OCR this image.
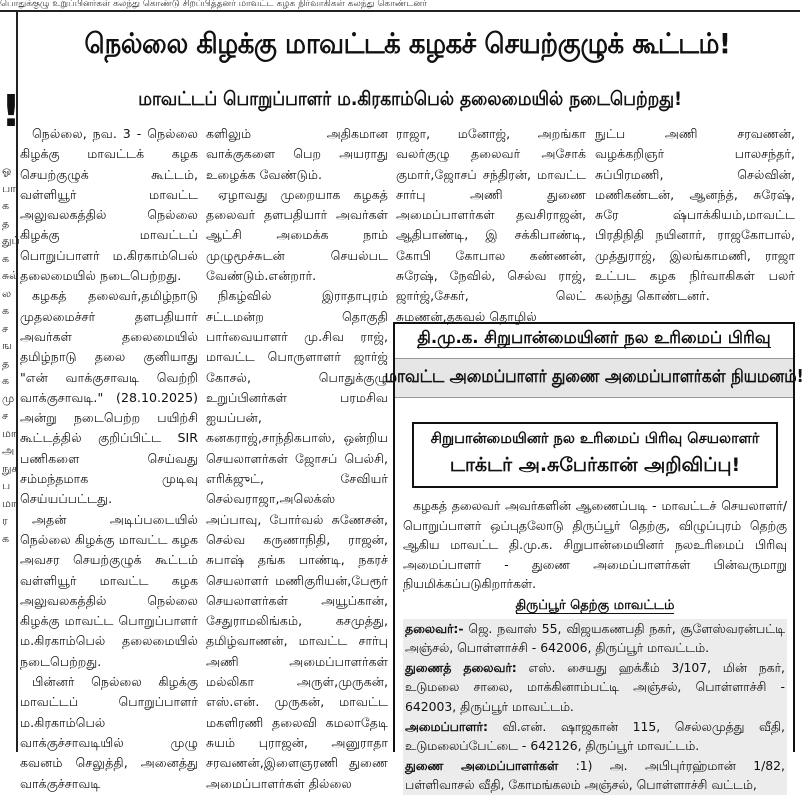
பொதுக்குழு உறுப்பினர்கள் கலந்து கொண்டு சிறப்பித்தனர் மாவட்ட கழக நிர்வாகிகள் கலந்து கொண்டனர்
!
ஓபாகததுப்கசுல்லகசஙதகமுசமாஅநுகபமாரக
நெல்லை கிழக்கு மாவட்டக் கழகச் செயற்குழுக் கூட்டம்!
மாவட்டப் பொறுப்பாளர் ம.கிரகாம்பெல் தலைமையில் நடைபெற்றது!

நெல்லை, நவ. 3 - நெல்லை கிழக்கு மாவட்டக் கழக செயற்குழுக் கூட்டம், வள்ளியூர் மாவட்ட அலுவலகத்தில் நெல்லை கிழக்கு மாவட்டப் பொறுப்பாளர் ம.கிரகாம்பெல் தலைமையில் நடைபெற்றது.

கழகத் தலைவர்,தமிழ்நாடு முதலமைச்சர் தளபதியார் அவர்கள் தலைமையில் தமிழ்நாடு தலை குனியாது "என் வாக்குசாவடி வெற்றி வாக்குசாவடி." (28.10.2025) அன்று நடைபெற்ற பயிற்சி கூட்டத்தில் குறிப்பிட்ட SIR பணிகளை செய்வது சம்மந்தமாக முடிவு செய்யப்பட்டது.

அதன் அடிப்படையில் நெல்லை கிழக்கு மாவட்ட கழக அவசர செயற்குழுக் கூட்டம் வள்ளியூர் மாவட்ட கழக அலுவலகத்தில் நெல்லை கிழக்கு மாவட்ட பொறுப்பாளர் ம.கிரகாம்பெல் தலைமையில் நடைபெற்றது.

பின்னர் நெல்லை கிழக்கு மாவட்டப் பொறுப்பாளர் ம.கிரகாம்பெல் வாக்குச்சாவடியில் முழு கவனம் செலுத்தி, அனைத்து வாக்குச்சாவடி

களிலும் அதிகமான வாக்குகளை பெற அயராது உழைக்க வேண்டும்.

ஏழாவது முறையாக கழகத் தலைவர் தளபதியார் அவர்கள் ஆட்சி அமைக்க நாம் முழுமூச்சுடன் செயல்பட வேண்டும்.என்றார்.

நிகழ்வில் இராதாபுரம் சட்டமன்ற தொகுதி பார்வையாளர் மு.சிவ ராஜ், மாவட்ட பொருளாளர் ஜார்ஜ் கோசல், பொதுக்குழு உறுப்பினர்கள் பரமசிவ ஐயப்பன், கனகராஜ்,சாந்திகபாஸ், ஒன்றிய செயலாளர்கள் ஜோசப் பெல்சி, எரிக்ஜுட், சேவியர் செல்வராஜா,அலெக்ஸ் அப்பாவு, போர்வல் சுணேசன், செல்வ கருணாநிதி, ராஜன், சுபாஷ் தங்க பாண்டி, நகரச் செயலாளர் மணிகுரியன்,பேரூர் செயலாளர்கள் அயூப்கான், சேதுராமலிங்கம், கசமுத்து, தமிழ்வாணன், மாவட்ட சார்பு அணி அமைப்பாளர்கள் மல்லிகா அருள்,முருகன், எஸ்.என். முருகன், மாவட்ட மகளிரணி தலைவி கமலாதேடி சுயம் புராஜன், அனுராதா சரவணன்,இளைஞரணி துணை அமைப்பாளர்கள் தில்லை

ராஜா, மனோஜ், அறங்கா வலர்குழு தலைவர் அசோக் குமார்,ஜோசப் சந்திரன், மாவட்ட சார்பு அணி துணை அமைப்பாளர்கள் தவசிராஜன், ஆதிபாண்டி, இ சக்கிபாண்டி, கோபி கோபால கண்ணன், சுரேஷ், நேவில், செல்வ ராஜ், ஜார்ஜ்,சேகர், லெட் சுமணன்,தகவல் தொழில்

நுட்ப அணி சரவணன், வழக்கறிஞர் பாலசந்தர், சுப்பிரமணி, செல்வின், மணிகண்டன், ஆனந்த், சுரேஷ், சுரே ஷ்பாக்கியம்,மாவட்ட பிரதிநிதி நயினார், ராஜகோபால், முத்துராஜ், இலங்காமணி, ராஜா உட்பட கழக நிர்வாகிகள் பலர் கலந்து கொண்டனர்.

தி.மு.க. சிறுபான்மையினர் நல உரிமைப் பிரிவு
மாவட்ட அமைப்பாளர் துணை அமைப்பாளர்கள் நியமனம்!
சிறுபான்மையினர் நல உரிமைப் பிரிவு செயலாளர்
டாக்டர் அ.சுபேர்கான் அறிவிப்பு!

கழகத் தலைவர் அவர்களின் ஆணைப்படி - மாவட்டச் செயலாளர்/பொறுப்பாளர் ஒப்புதலோடு திருப்பூர் தெற்கு, விழுப்புரம் தெற்கு ஆகிய மாவட்ட தி.மு.க. சிறுபான்மையினர் நலஉரிமைப் பிரிவு அமைப்பாளர் - துணை அமைப்பாளர்கள் பின்வருமாறு நியமிக்கப்படுகிறார்கள்.

திருப்பூர் தெற்கு மாவட்டம்

தலைவர்:- ஜெ. நவாஸ் 55, விஜயகணபதி நகர், சூளேஸ்வரன்பட்டி அஞ்சல், பொள்ளாச்சி - 642006, திருப்பூர் மாவட்டம்.

துணைத் தலைவர்: எஸ். சையது ஹக்கீம் 3/107, மின் நகர், உடுமலை சாலை, மாக்கினாம்பட்டி அஞ்சல், பொள்ளாச்சி - 642003, திருப்பூர் மாவட்டம்.

அமைப்பாளர்: வி.என். ஷாஜகான் 115, செல்லமுத்து வீதி, உடுமலைப்பேட்டை - 642126, திருப்பூர் மாவட்டம்.

துணை அமைப்பாளர்கள் :1) அ. அபிபுர்ரஹ்மான் 1/82, பள்ளிவாசல் வீதி, கோமங்கலம் அஞ்சல், பொள்ளாச்சி வட்டம்,
